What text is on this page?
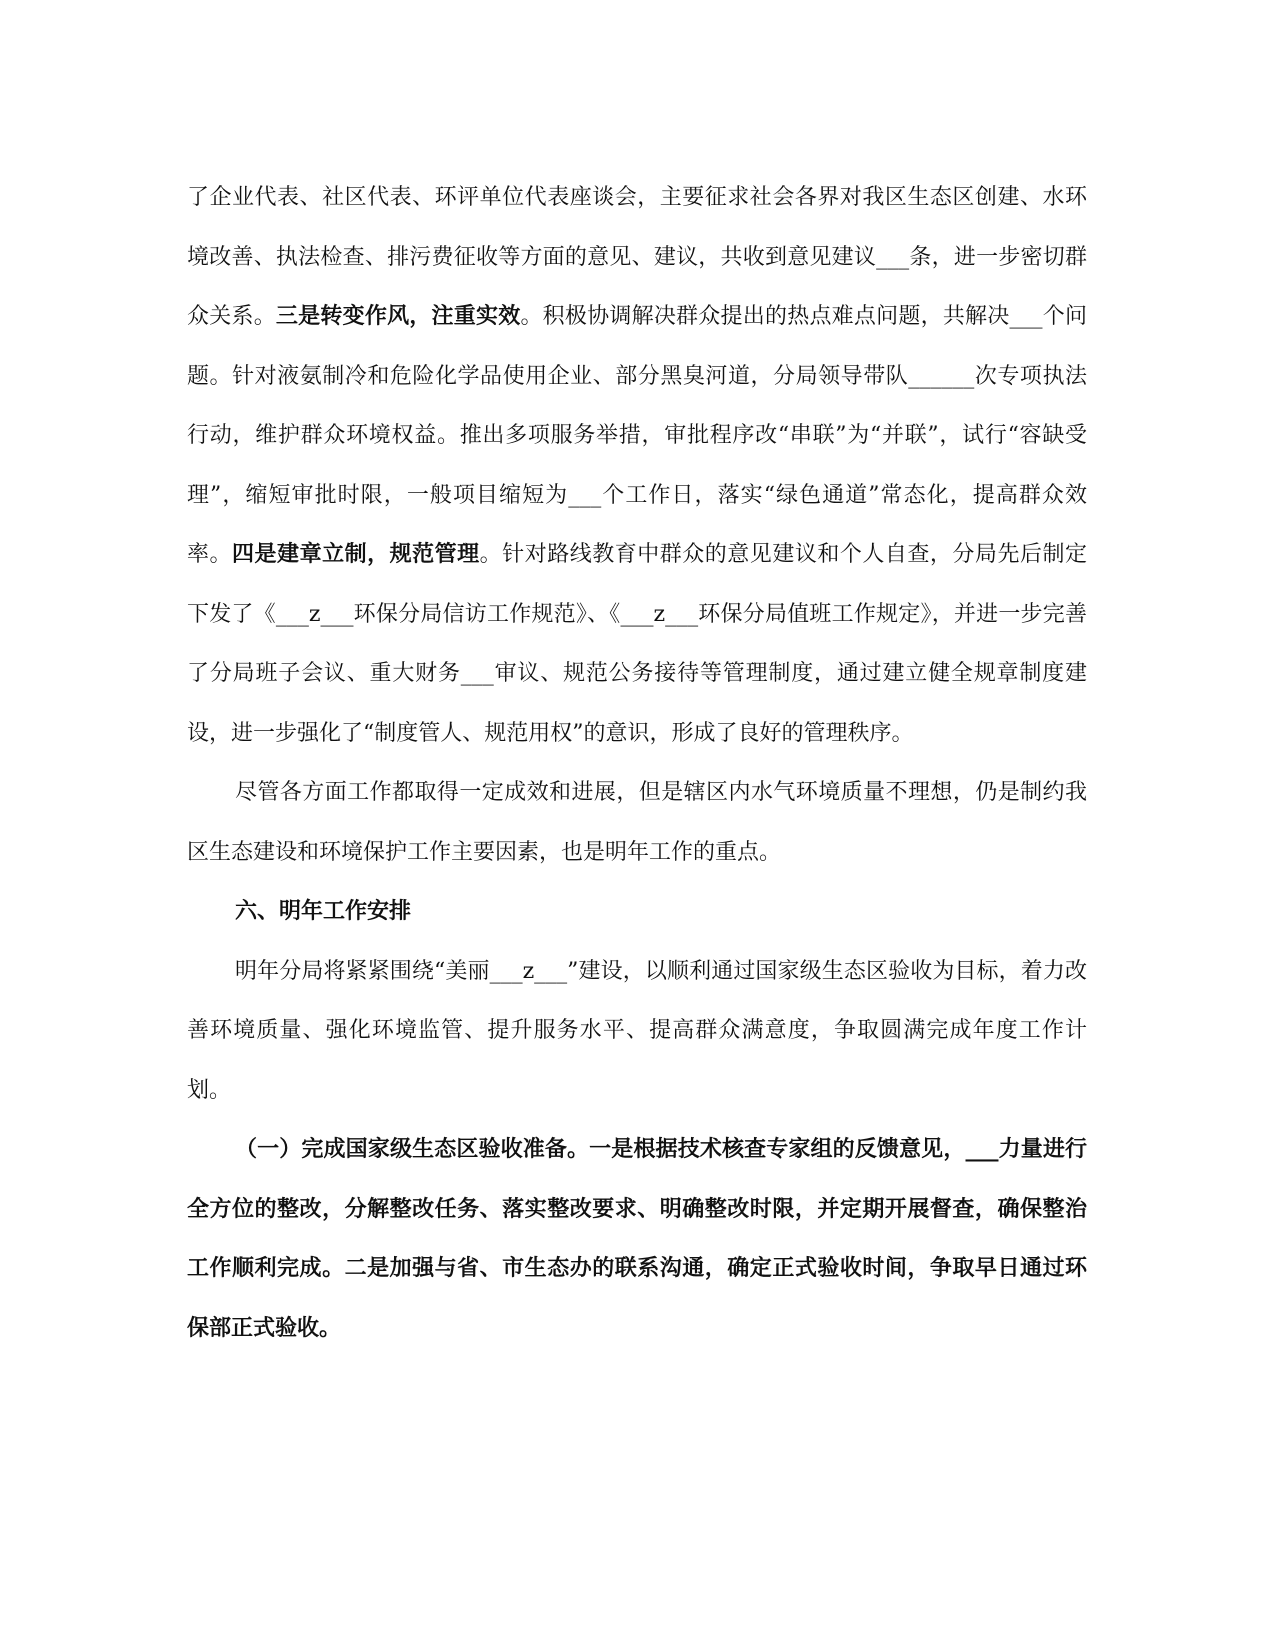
了企业代表、社区代表、环评单位代表座谈会，主要征求社会各界对我区生态区创建、水环境改善、执法检查、排污费征收等方面的意见、建议，共收到意见建议___条，进一步密切群众关系。三是转变作风，注重实效。积极协调解决群众提出的热点难点问题，共解决___个问题。针对液氨制冷和危险化学品使用企业、部分黑臭河道，分局领导带队______次专项执法行动，维护群众环境权益。推出多项服务举措，审批程序改“串联”为“并联”，试行“容缺受理”，缩短审批时限，一般项目缩短为___个工作日，落实“绿色通道”常态化，提高群众效率。四是建章立制，规范管理。针对路线教育中群众的意见建议和个人自查，分局先后制定下发了《___z___环保分局信访工作规范》、《___z___环保分局值班工作规定》，并进一步完善了分局班子会议、重大财务___审议、规范公务接待等管理制度，通过建立健全规章制度建设，进一步强化了“制度管人、规范用权”的意识，形成了良好的管理秩序。

尽管各方面工作都取得一定成效和进展，但是辖区内水气环境质量不理想，仍是制约我区生态建设和环境保护工作主要因素，也是明年工作的重点。

六、明年工作安排

明年分局将紧紧围绕“美丽___z___”建设，以顺利通过国家级生态区验收为目标，着力改善环境质量、强化环境监管、提升服务水平、提高群众满意度，争取圆满完成年度工作计划。

（一）完成国家级生态区验收准备。一是根据技术核查专家组的反馈意见，___力量进行全方位的整改，分解整改任务、落实整改要求、明确整改时限，并定期开展督查，确保整治工作顺利完成。二是加强与省、市生态办的联系沟通，确定正式验收时间，争取早日通过环保部正式验收。
